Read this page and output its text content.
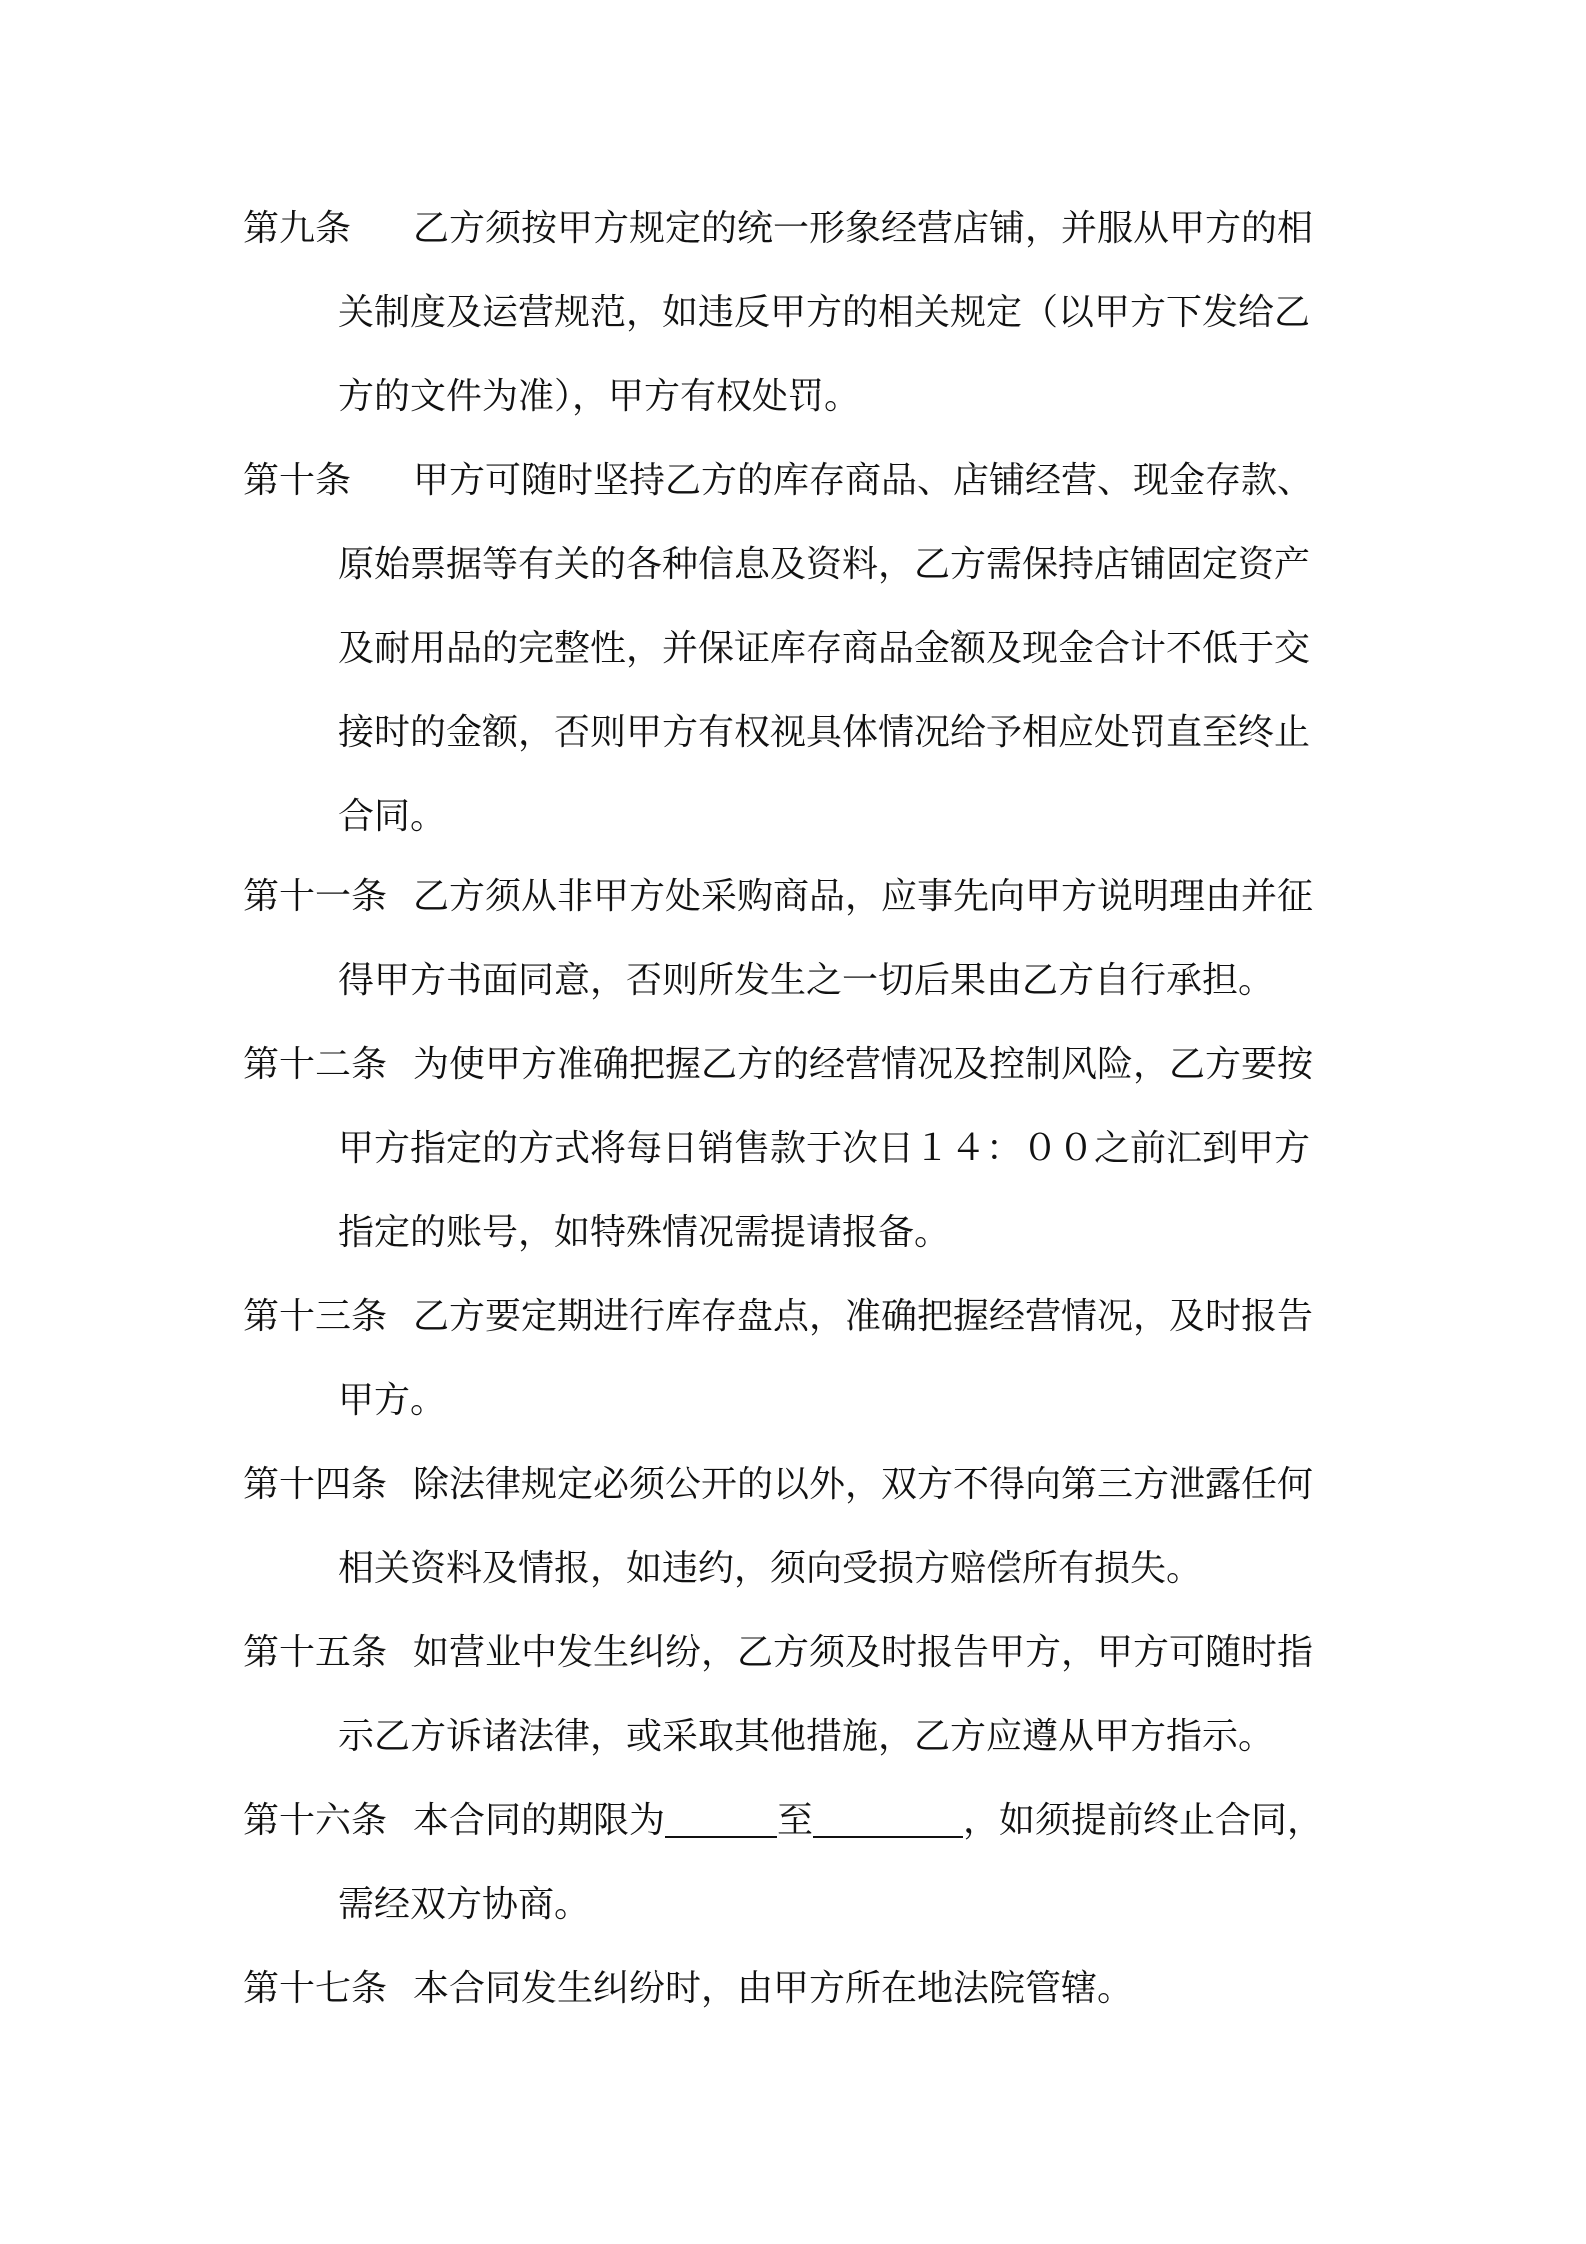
第九条 乙方须按甲方规定的统一形象经营店铺，并服从甲方的相
关制度及运营规范，如违反甲方的相关规定（以甲方下发给乙
方的文件为准），甲方有权处罚。
第十条 甲方可随时坚持乙方的库存商品、店铺经营、现金存款、
原始票据等有关的各种信息及资料，乙方需保持店铺固定资产
及耐用品的完整性，并保证库存商品金额及现金合计不低于交
接时的金额，否则甲方有权视具体情况给予相应处罚直至终止
合同。
第十一条 乙方须从非甲方处采购商品，应事先向甲方说明理由并征
得甲方书面同意，否则所发生之一切后果由乙方自行承担。
第十二条 为使甲方准确把握乙方的经营情况及控制风险，乙方要按
甲方指定的方式将每日销售款于次日１４：００之前汇到甲方
指定的账号，如特殊情况需提请报备。
第十三条 乙方要定期进行库存盘点，准确把握经营情况，及时报告
甲方。
第十四条 除法律规定必须公开的以外，双方不得向第三方泄露任何
相关资料及情报，如违约，须向受损方赔偿所有损失。
第十五条 如营业中发生纠纷，乙方须及时报告甲方，甲方可随时指
示乙方诉诸法律，或采取其他措施，乙方应遵从甲方指示。
第十六条 本合同的期限为	至	，如须提前终止合同，
需经双方协商。
第十七条 本合同发生纠纷时，由甲方所在地法院管辖。
